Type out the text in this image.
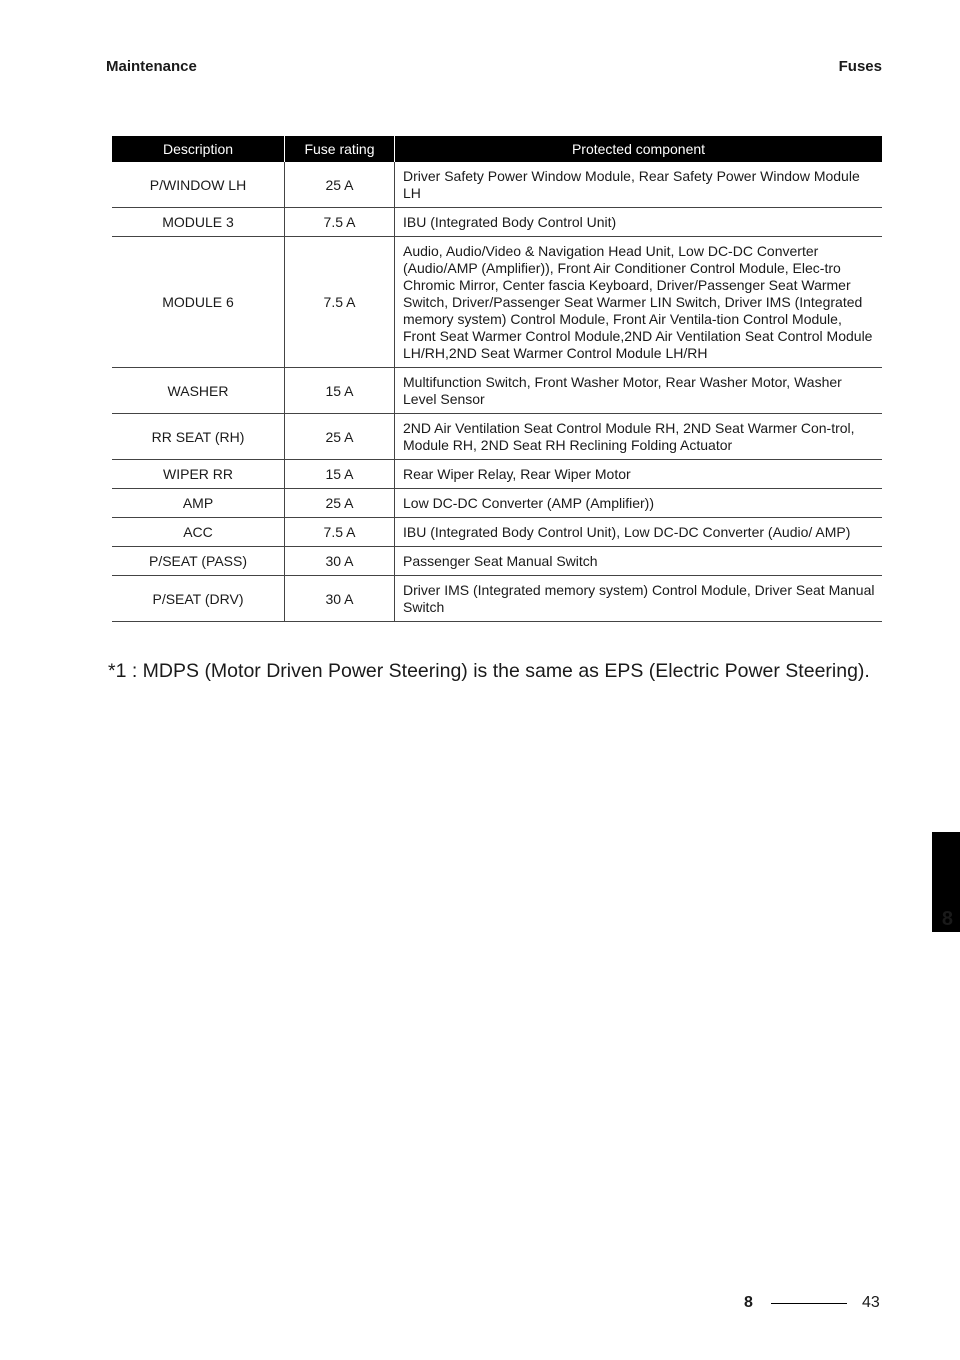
Maintenance	Fuses
Description	Fuse rating	Protected component
P/WINDOW LH	25 A	Driver Safety Power Window Module, Rear Safety Power Window Module LH
MODULE 3	7.5 A	IBU (Integrated Body Control Unit)
MODULE 6	7.5 A	Audio, Audio/Video & Navigation Head Unit, Low DC-DC Converter (Audio/AMP (Amplifier)), Front Air Conditioner Control Module, Elec-tro Chromic Mirror, Center fascia Keyboard, Driver/Passenger Seat Warmer Switch, Driver/Passenger Seat Warmer LIN Switch, Driver IMS (Integrated memory system) Control Module, Front Air Ventila-tion Control Module, Front Seat Warmer Control Module,2ND Air Ventilation Seat Control Module LH/RH,2ND Seat Warmer Control Module LH/RH
WASHER	15 A	Multifunction Switch, Front Washer Motor, Rear Washer Motor, Washer Level Sensor
RR SEAT (RH)	25 A	2ND Air Ventilation Seat Control Module RH, 2ND Seat Warmer Con-trol, Module RH, 2ND Seat RH Reclining Folding Actuator
WIPER RR	15 A	Rear Wiper Relay, Rear Wiper Motor
AMP	25 A	Low DC-DC Converter (AMP (Amplifier))
ACC	7.5 A	IBU (Integrated Body Control Unit), Low DC-DC Converter (Audio/ AMP)
P/SEAT (PASS)	30 A	Passenger Seat Manual Switch
P/SEAT (DRV)	30 A	Driver IMS (Integrated memory system) Control Module, Driver Seat Manual Switch
*1 : MDPS (Motor Driven Power Steering) is the same as EPS (Electric Power Steering).
8
8	43
